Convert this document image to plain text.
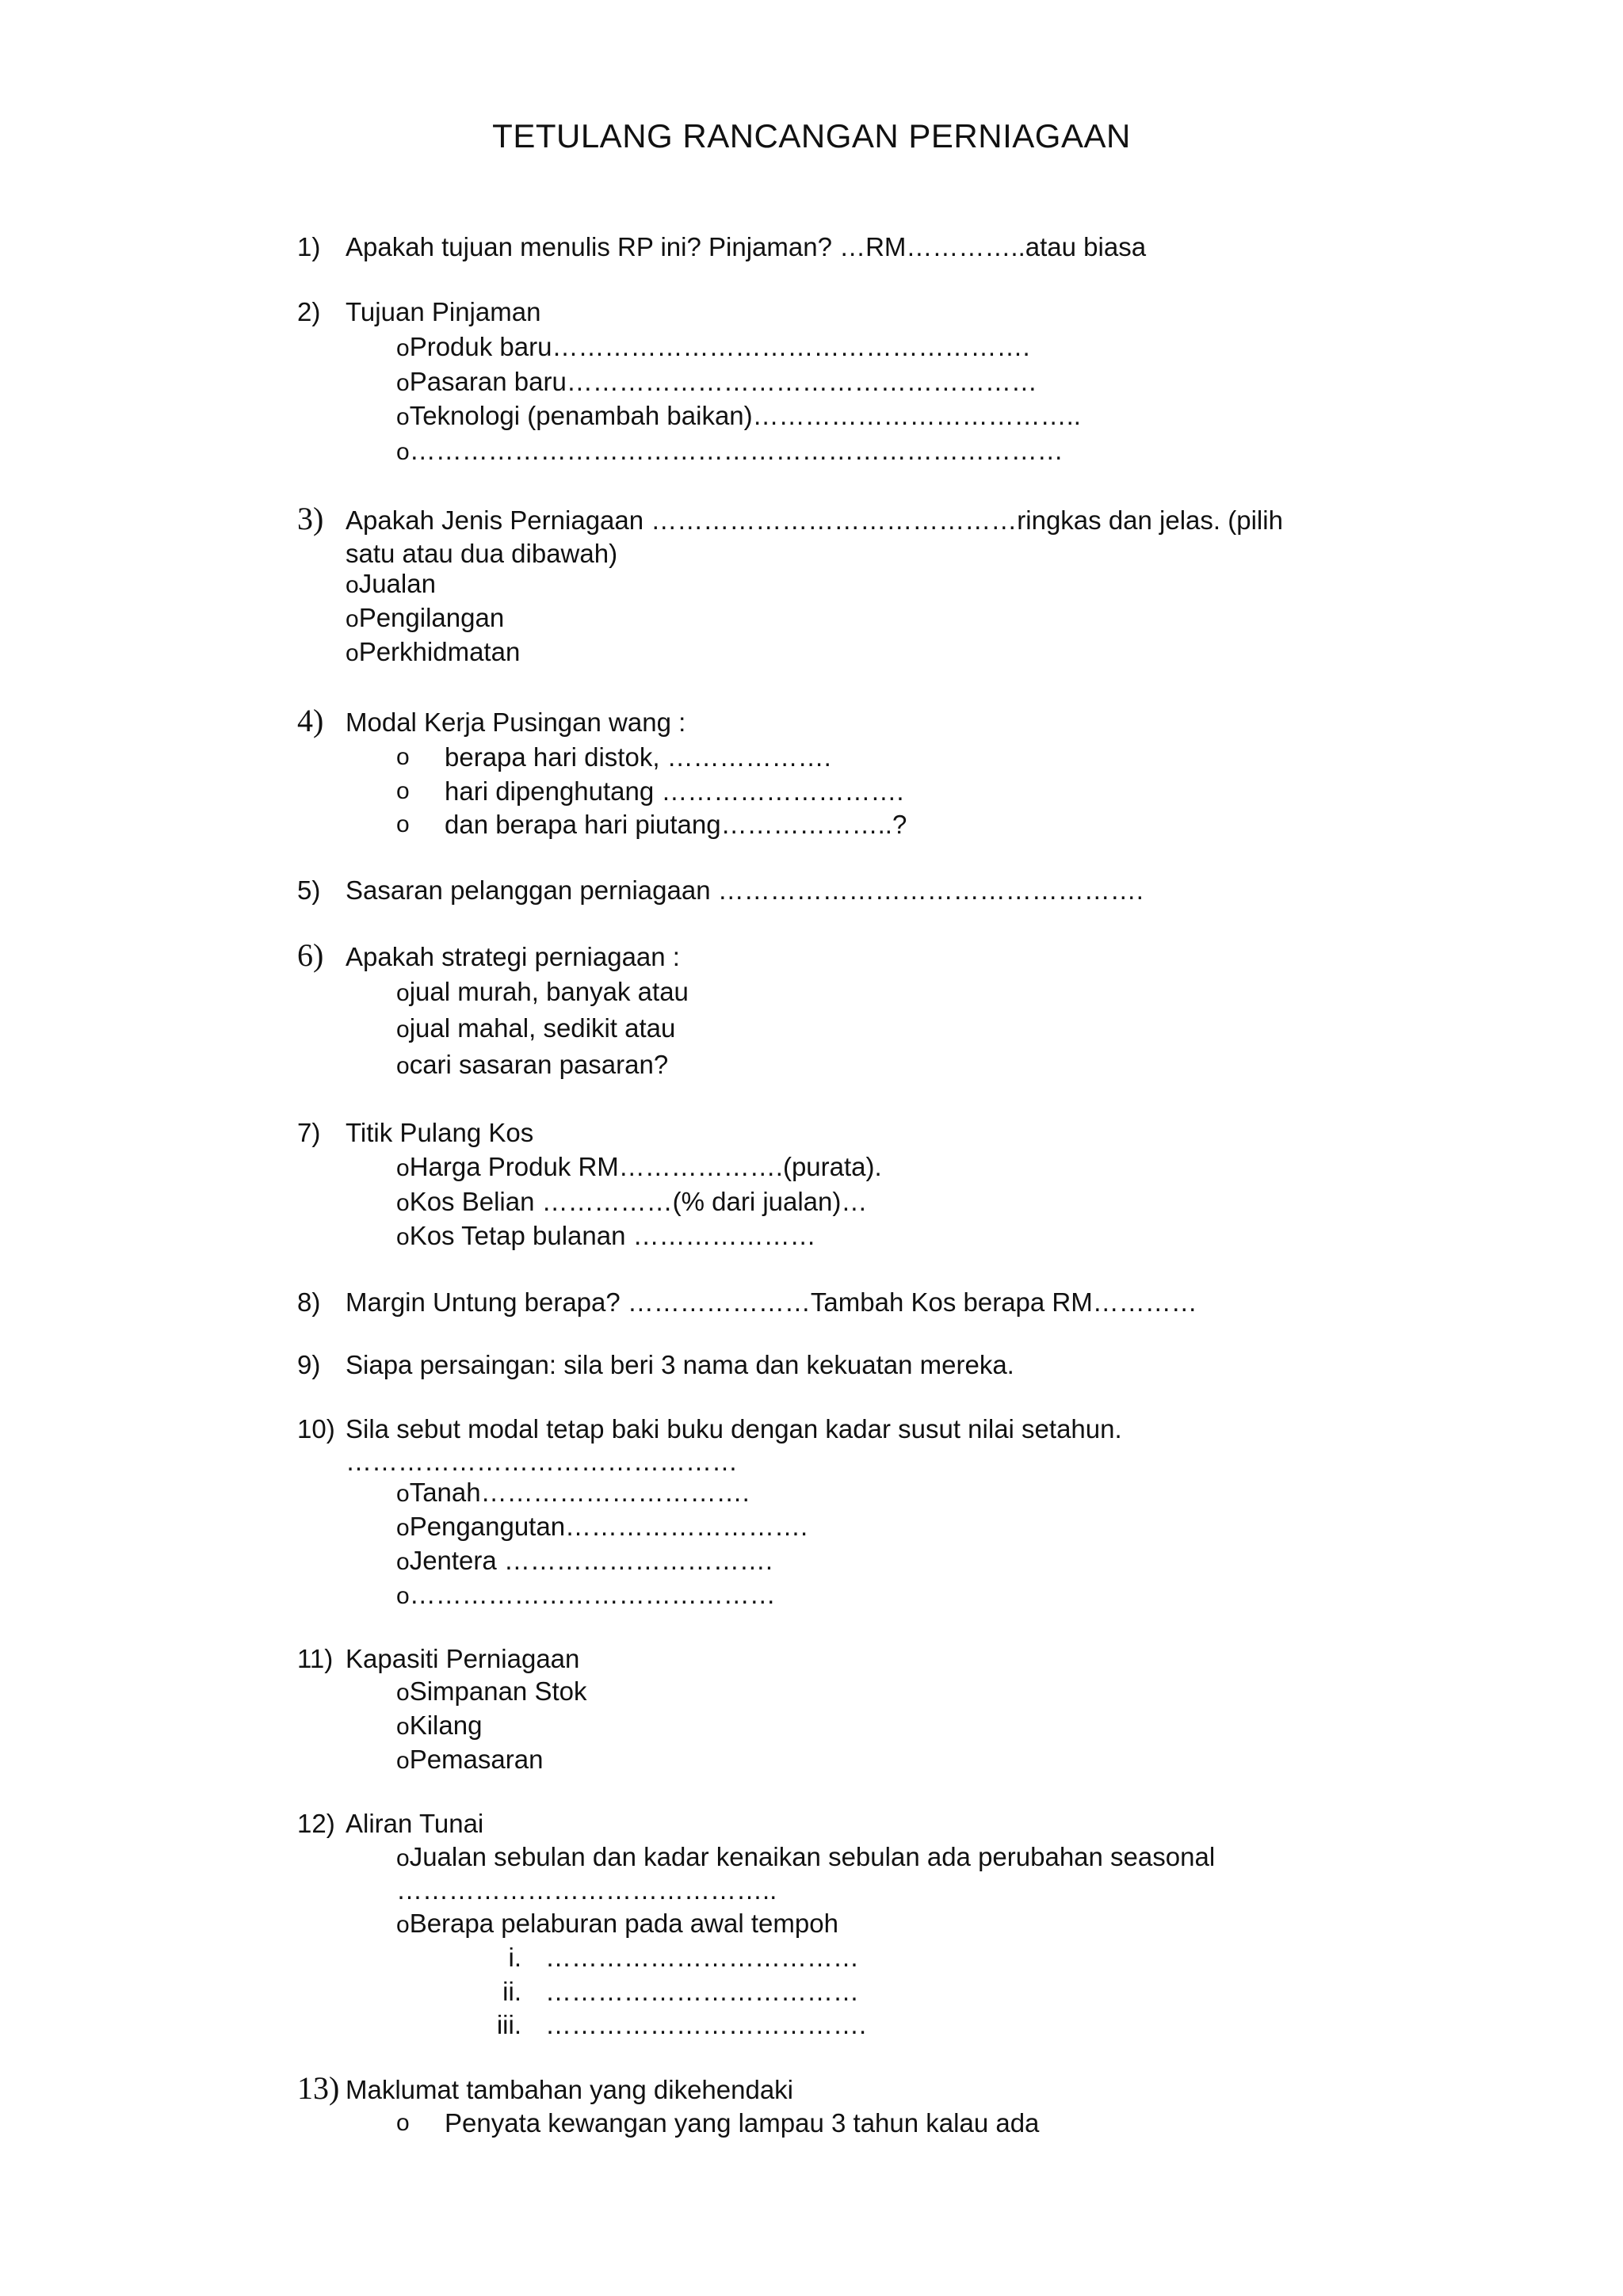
TETULANG RANCANGAN PERNIAGAAN
1) Apakah tujuan menulis RP ini? Pinjaman? …RM…………..atau biasa
2) Tujuan Pinjaman
oProduk baru……………………………………………….
oPasaran baru………………………………………………
oTeknologi (penambah baikan)………………………………..
o…………………………………………………………………
3) Apakah Jenis Perniagaan ……………………………………ringkas dan jelas. (pilih
satu atau dua dibawah)
oJualan
oPengilangan
oPerkhidmatan
4) Modal Kerja Pusingan wang :
o berapa hari distok, ……………….
o hari dipenghutang ……………………….
o dan berapa hari piutang………………..?
5) Sasaran pelanggan perniagaan ………………………………………….
6) Apakah strategi perniagaan :
ojual murah, banyak atau
ojual mahal, sedikit atau
ocari sasaran pasaran?
7) Titik Pulang Kos
oHarga Produk RM……………….(purata).
oKos Belian ……………(% dari jualan)…
oKos Tetap bulanan …………………
8) Margin Untung berapa? …………………Tambah Kos berapa RM…………
9) Siapa persaingan: sila beri 3 nama dan kekuatan mereka.
10) Sila sebut modal tetap baki buku dengan kadar susut nilai setahun.
………………………………………
oTanah………………………….
oPengangutan……………………….
oJentera ………………………….
o……………………………………
11) Kapasiti Perniagaan
oSimpanan Stok
oKilang
oPemasaran
12) Aliran Tunai
oJualan sebulan dan kadar kenaikan sebulan ada perubahan seasonal
……………………………………..
oBerapa pelaburan pada awal tempoh
i. ………………………………
ii. ………………………………
iii. ……………………………….
13) Maklumat tambahan yang dikehendaki
o Penyata kewangan yang lampau 3 tahun kalau ada
